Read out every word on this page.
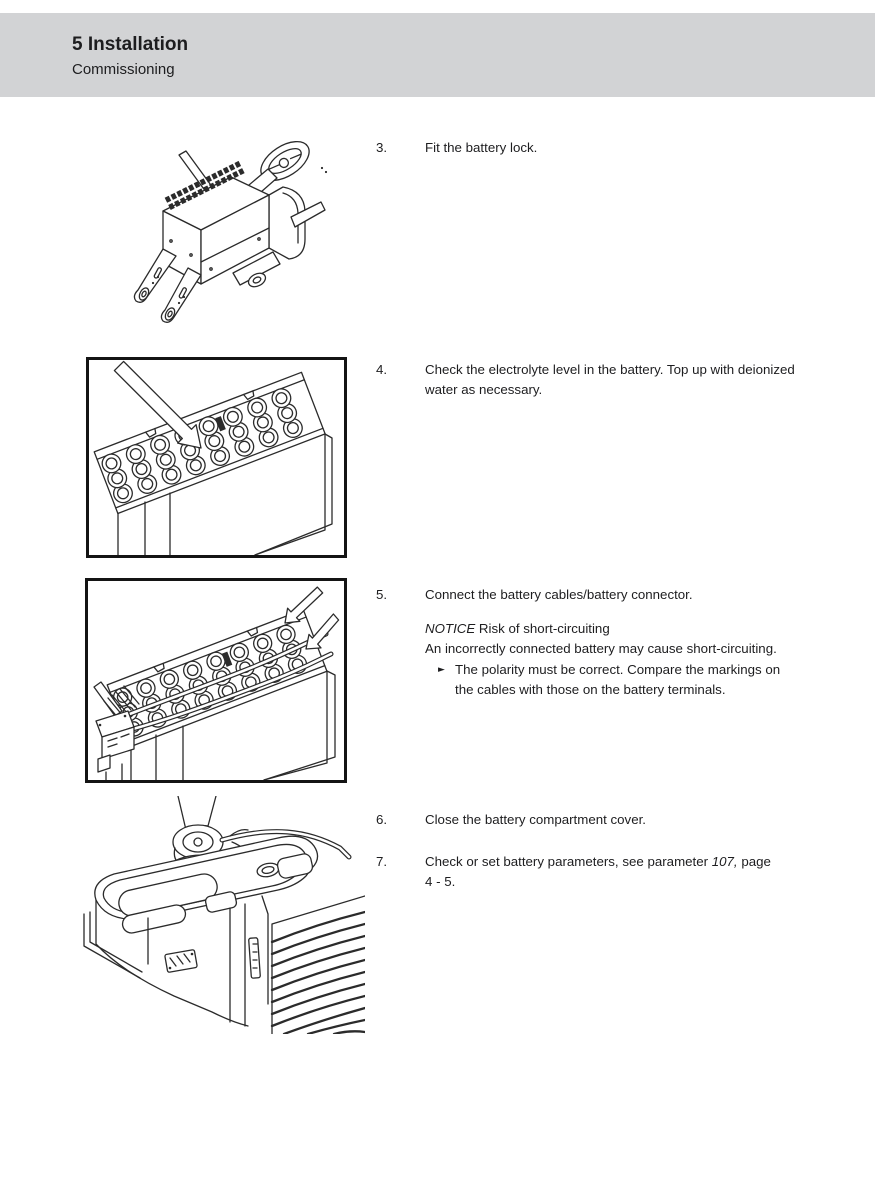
5 Installation
Commissioning
3.	Fit the battery lock.
4.	Check the electrolyte level in the battery. Top up with deionized
water as necessary.
5.	Connect the battery cables/battery connector.
NOTICE Risk of short-circuiting
An incorrectly connected battery may cause short-circuiting.
► The polarity must be correct. Compare the markings on
the cables with those on the battery terminals.
6.	Close the battery compartment cover.
7.	Check or set battery parameters, see parameter 107, page
4 - 5.
